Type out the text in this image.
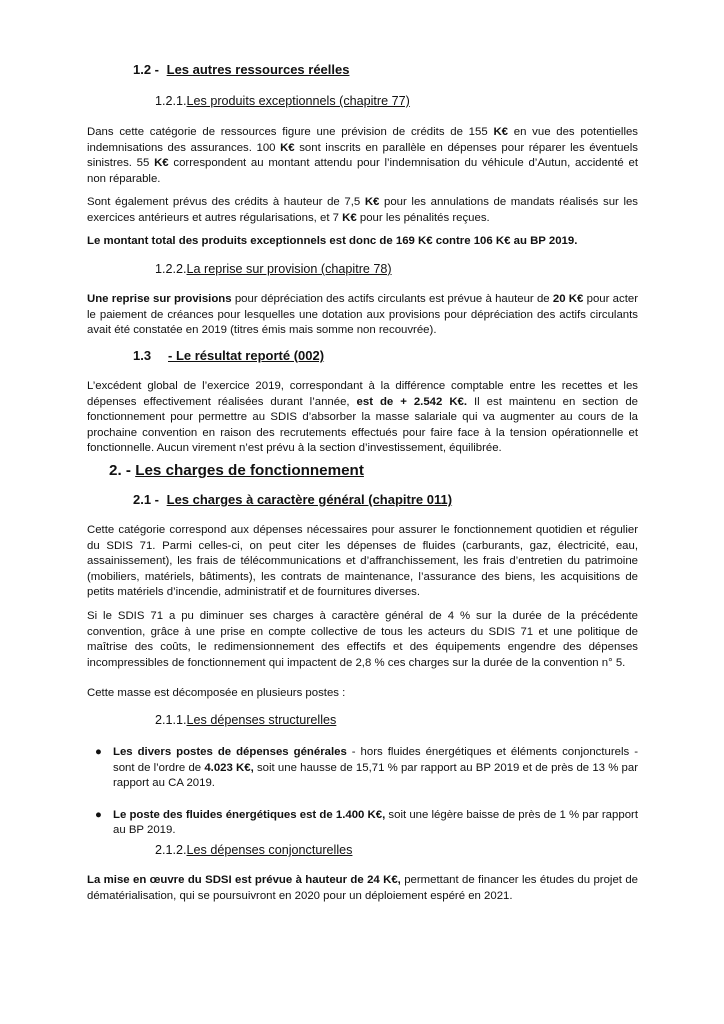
1.2 - Les autres ressources réelles
1.2.1.Les produits exceptionnels (chapitre 77)

Dans cette catégorie de ressources figure une prévision de crédits de 155 K€ en vue des potentielles indemnisations des assurances. 100 K€ sont inscrits en parallèle en dépenses pour réparer les éventuels sinistres. 55 K€ correspondent au montant attendu pour l’indemnisation du véhicule d’Autun, accidenté et non réparable.

Sont également prévus des crédits à hauteur de 7,5 K€ pour les annulations de mandats réalisés sur les exercices antérieurs et autres régularisations, et 7 K€ pour les pénalités reçues.

Le montant total des produits exceptionnels est donc de 169 K€ contre 106 K€ au BP 2019.

1.2.2.La reprise sur provision (chapitre 78)

Une reprise sur provisions pour dépréciation des actifs circulants est prévue à hauteur de 20 K€ pour acter le paiement de créances pour lesquelles une dotation aux provisions pour dépréciation des actifs circulants avait été constatée en 2019 (titres émis mais somme non recouvrée).

1.3 - Le résultat reporté (002)

L’excédent global de l’exercice 2019, correspondant à la différence comptable entre les recettes et les dépenses effectivement réalisées durant l’année, est de + 2.542 K€. Il est maintenu en section de fonctionnement pour permettre au SDIS d’absorber la masse salariale qui va augmenter au cours de la prochaine convention en raison des recrutements effectués pour faire face à la tension opérationnelle et fonctionnelle. Aucun virement n’est prévu à la section d’investissement, équilibrée.

2. - Les charges de fonctionnement
2.1 - Les charges à caractère général (chapitre 011)

Cette catégorie correspond aux dépenses nécessaires pour assurer le fonctionnement quotidien et régulier du SDIS 71. Parmi celles-ci, on peut citer les dépenses de fluides (carburants, gaz, électricité, eau, assainissement), les frais de télécommunications et d’affranchissement, les frais d’entretien du patrimoine (mobiliers, matériels, bâtiments), les contrats de maintenance, l’assurance des biens, les acquisitions de petits matériels d’incendie, administratif et de fournitures diverses.

Si le SDIS 71 a pu diminuer ses charges à caractère général de 4 % sur la durée de la précédente convention, grâce à une prise en compte collective de tous les acteurs du SDIS 71 et une politique de maîtrise des coûts, le redimensionnement des effectifs et des équipements engendre des dépenses incompressibles de fonctionnement qui impactent de 2,8 % ces charges sur la durée de la convention n° 5.

Cette masse est décomposée en plusieurs postes :

2.1.1.Les dépenses structurelles
● Les divers postes de dépenses générales - hors fluides énergétiques et éléments conjoncturels - sont de l’ordre de 4.023 K€, soit une hausse de 15,71 % par rapport au BP 2019 et de près de 13 % par rapport au CA 2019.
● Le poste des fluides énergétiques est de 1.400 K€, soit une légère baisse de près de 1 % par rapport au BP 2019.
2.1.2.Les dépenses conjoncturelles

La mise en œuvre du SDSI est prévue à hauteur de 24 K€, permettant de financer les études du projet de dématérialisation, qui se poursuivront en 2020 pour un déploiement espéré en 2021.
